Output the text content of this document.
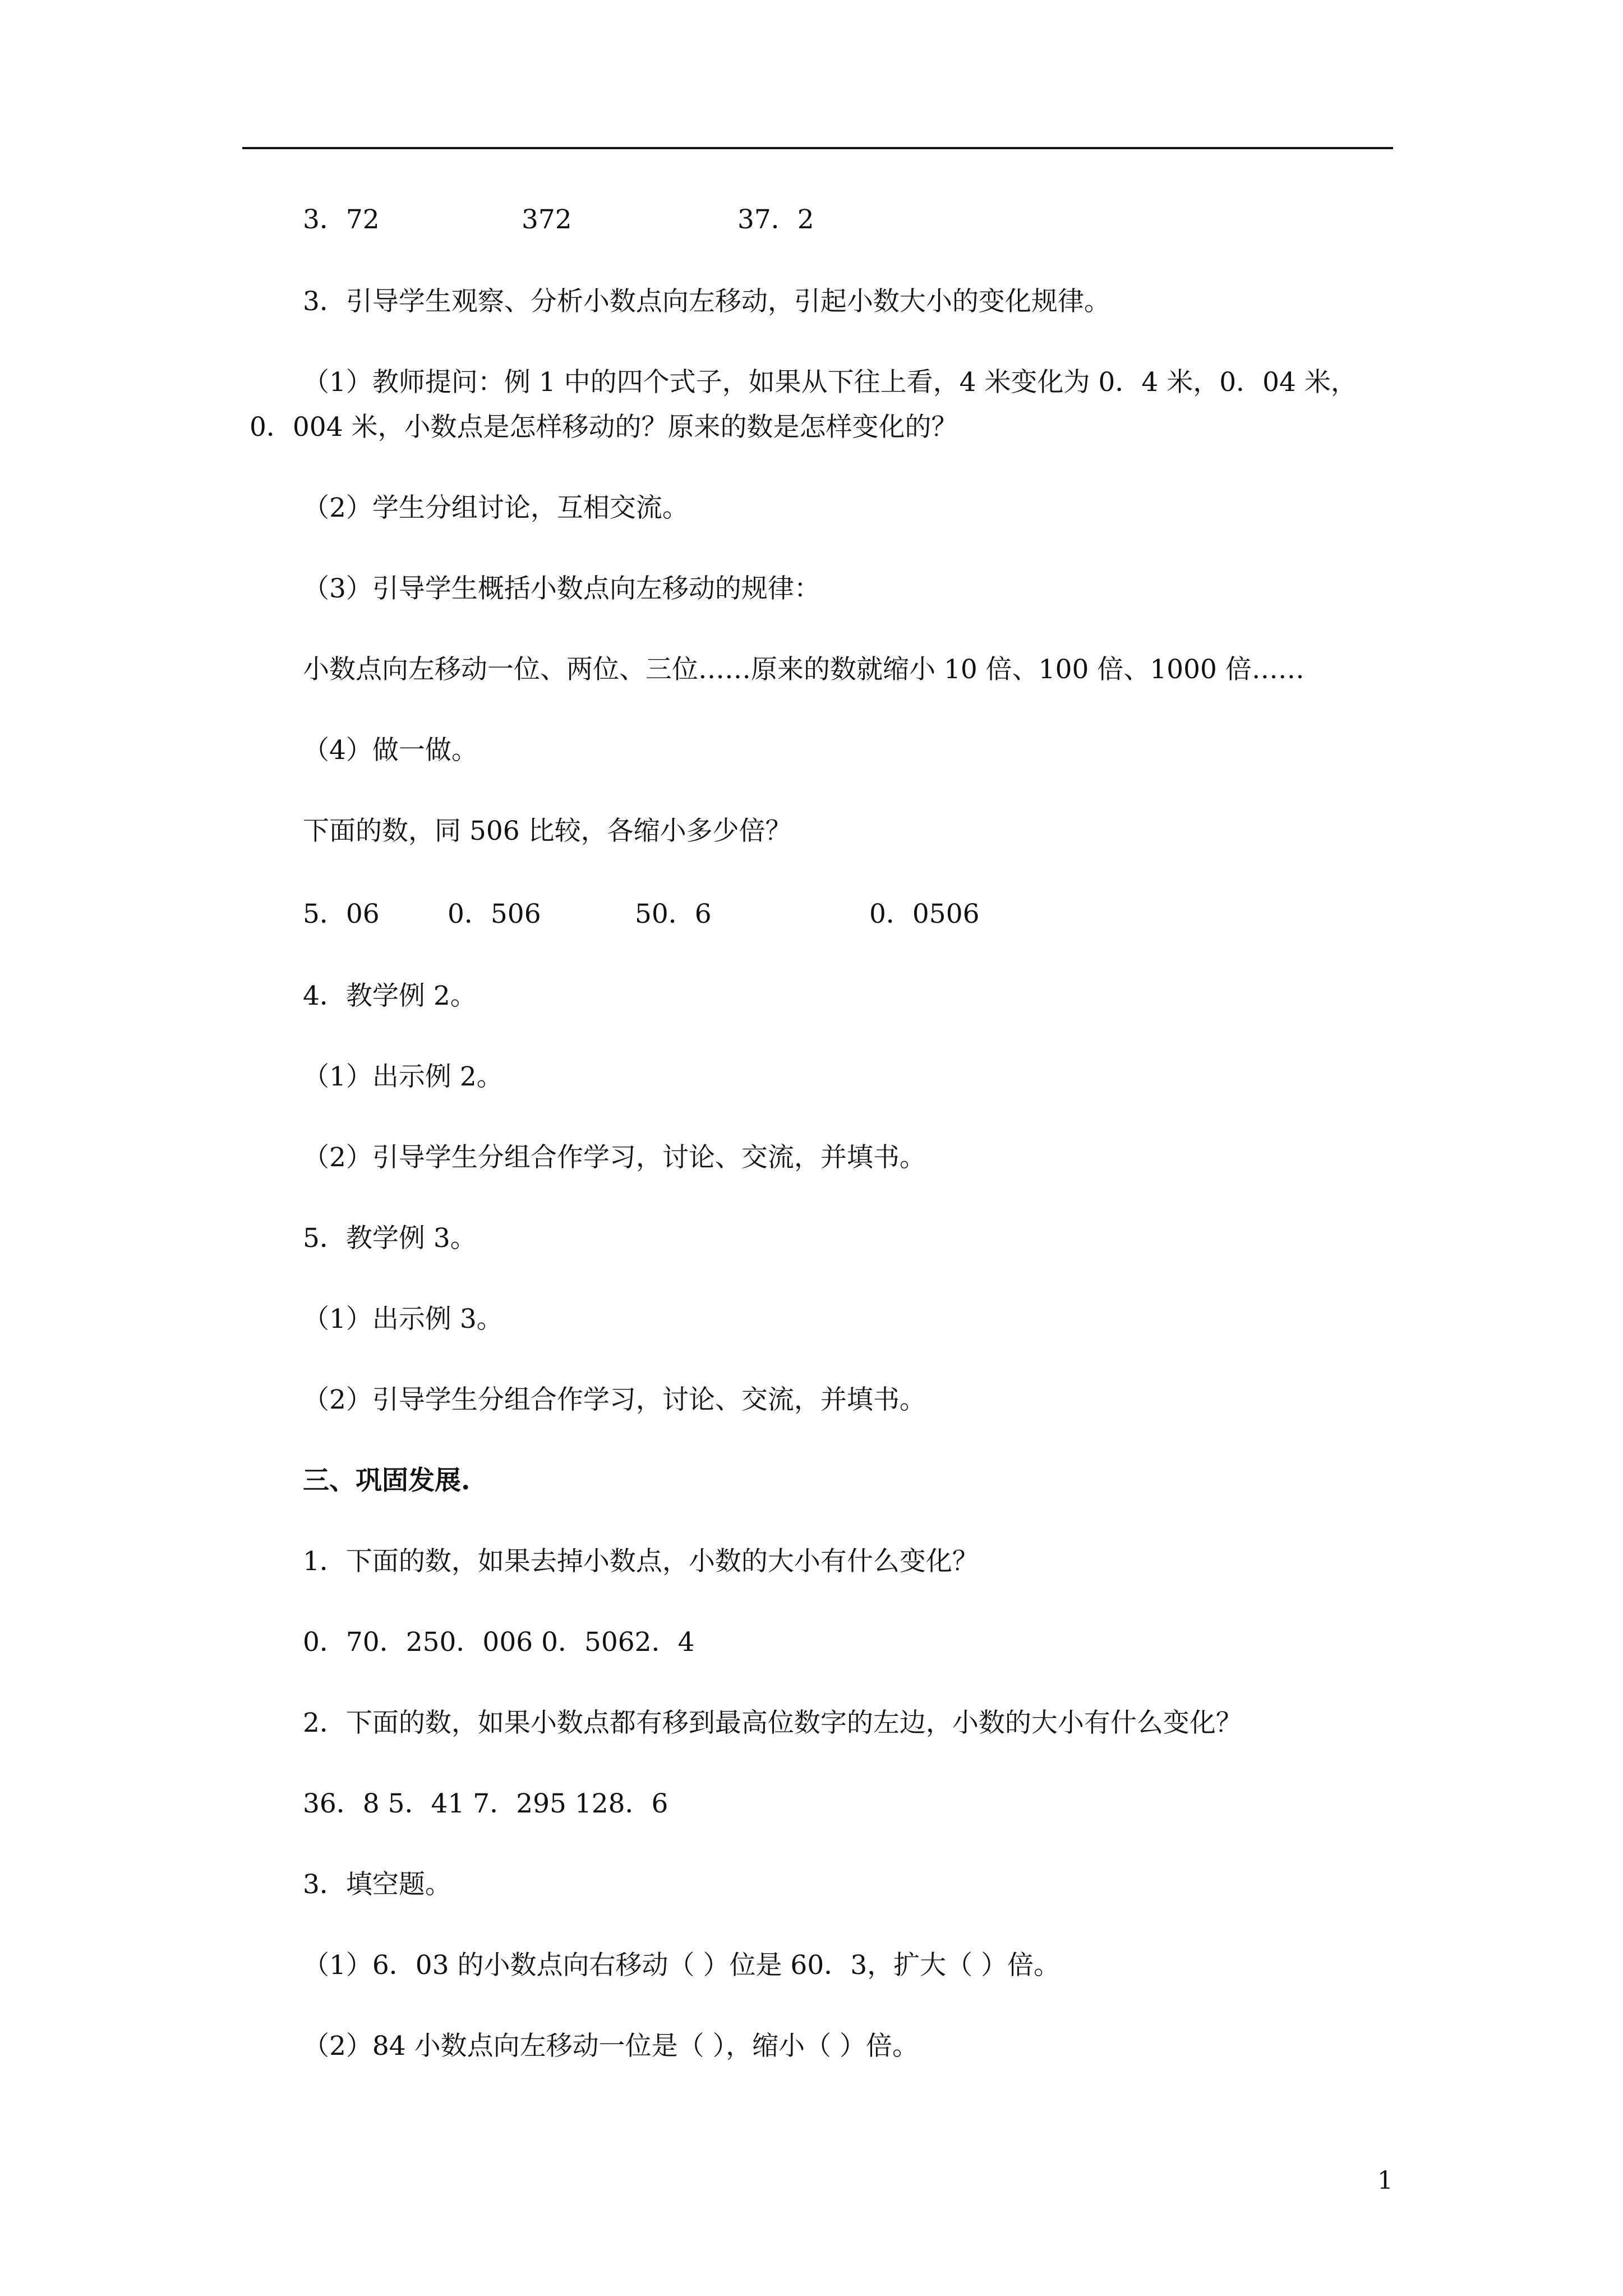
3．72	372	37．2
3．引导学生观察、分析小数点向左移动，引起小数大小的变化规律。
（1）教师提问：例 1 中的四个式子，如果从下往上看，4 米变化为 0．4 米，0．04 米，
0．004 米，小数点是怎样移动的？原来的数是怎样变化的？
（2）学生分组讨论，互相交流。
（3）引导学生概括小数点向左移动的规律：
小数点向左移动一位、两位、三位……原来的数就缩小 10 倍、100 倍、1000 倍……
（4）做一做。
下面的数，同 506 比较，各缩小多少倍？
5．06	0．506	50．6	0．0506
4．教学例 2。
（1）出示例 2。
（2）引导学生分组合作学习，讨论、交流，并填书。
5．教学例 3。
（1）出示例 3。
（2）引导学生分组合作学习，讨论、交流，并填书。
三、巩固发展.
1．下面的数，如果去掉小数点，小数的大小有什么变化？
0．70．250．006 0．5062．4
2．下面的数，如果小数点都有移到最高位数字的左边，小数的大小有什么变化？
36．8 5．41 7．295 128．6
3．填空题。
（1）6．03 的小数点向右移动（ ）位是 60．3，扩大（ ）倍。
（2）84 小数点向左移动一位是（ ），缩小（ ）倍。
1
